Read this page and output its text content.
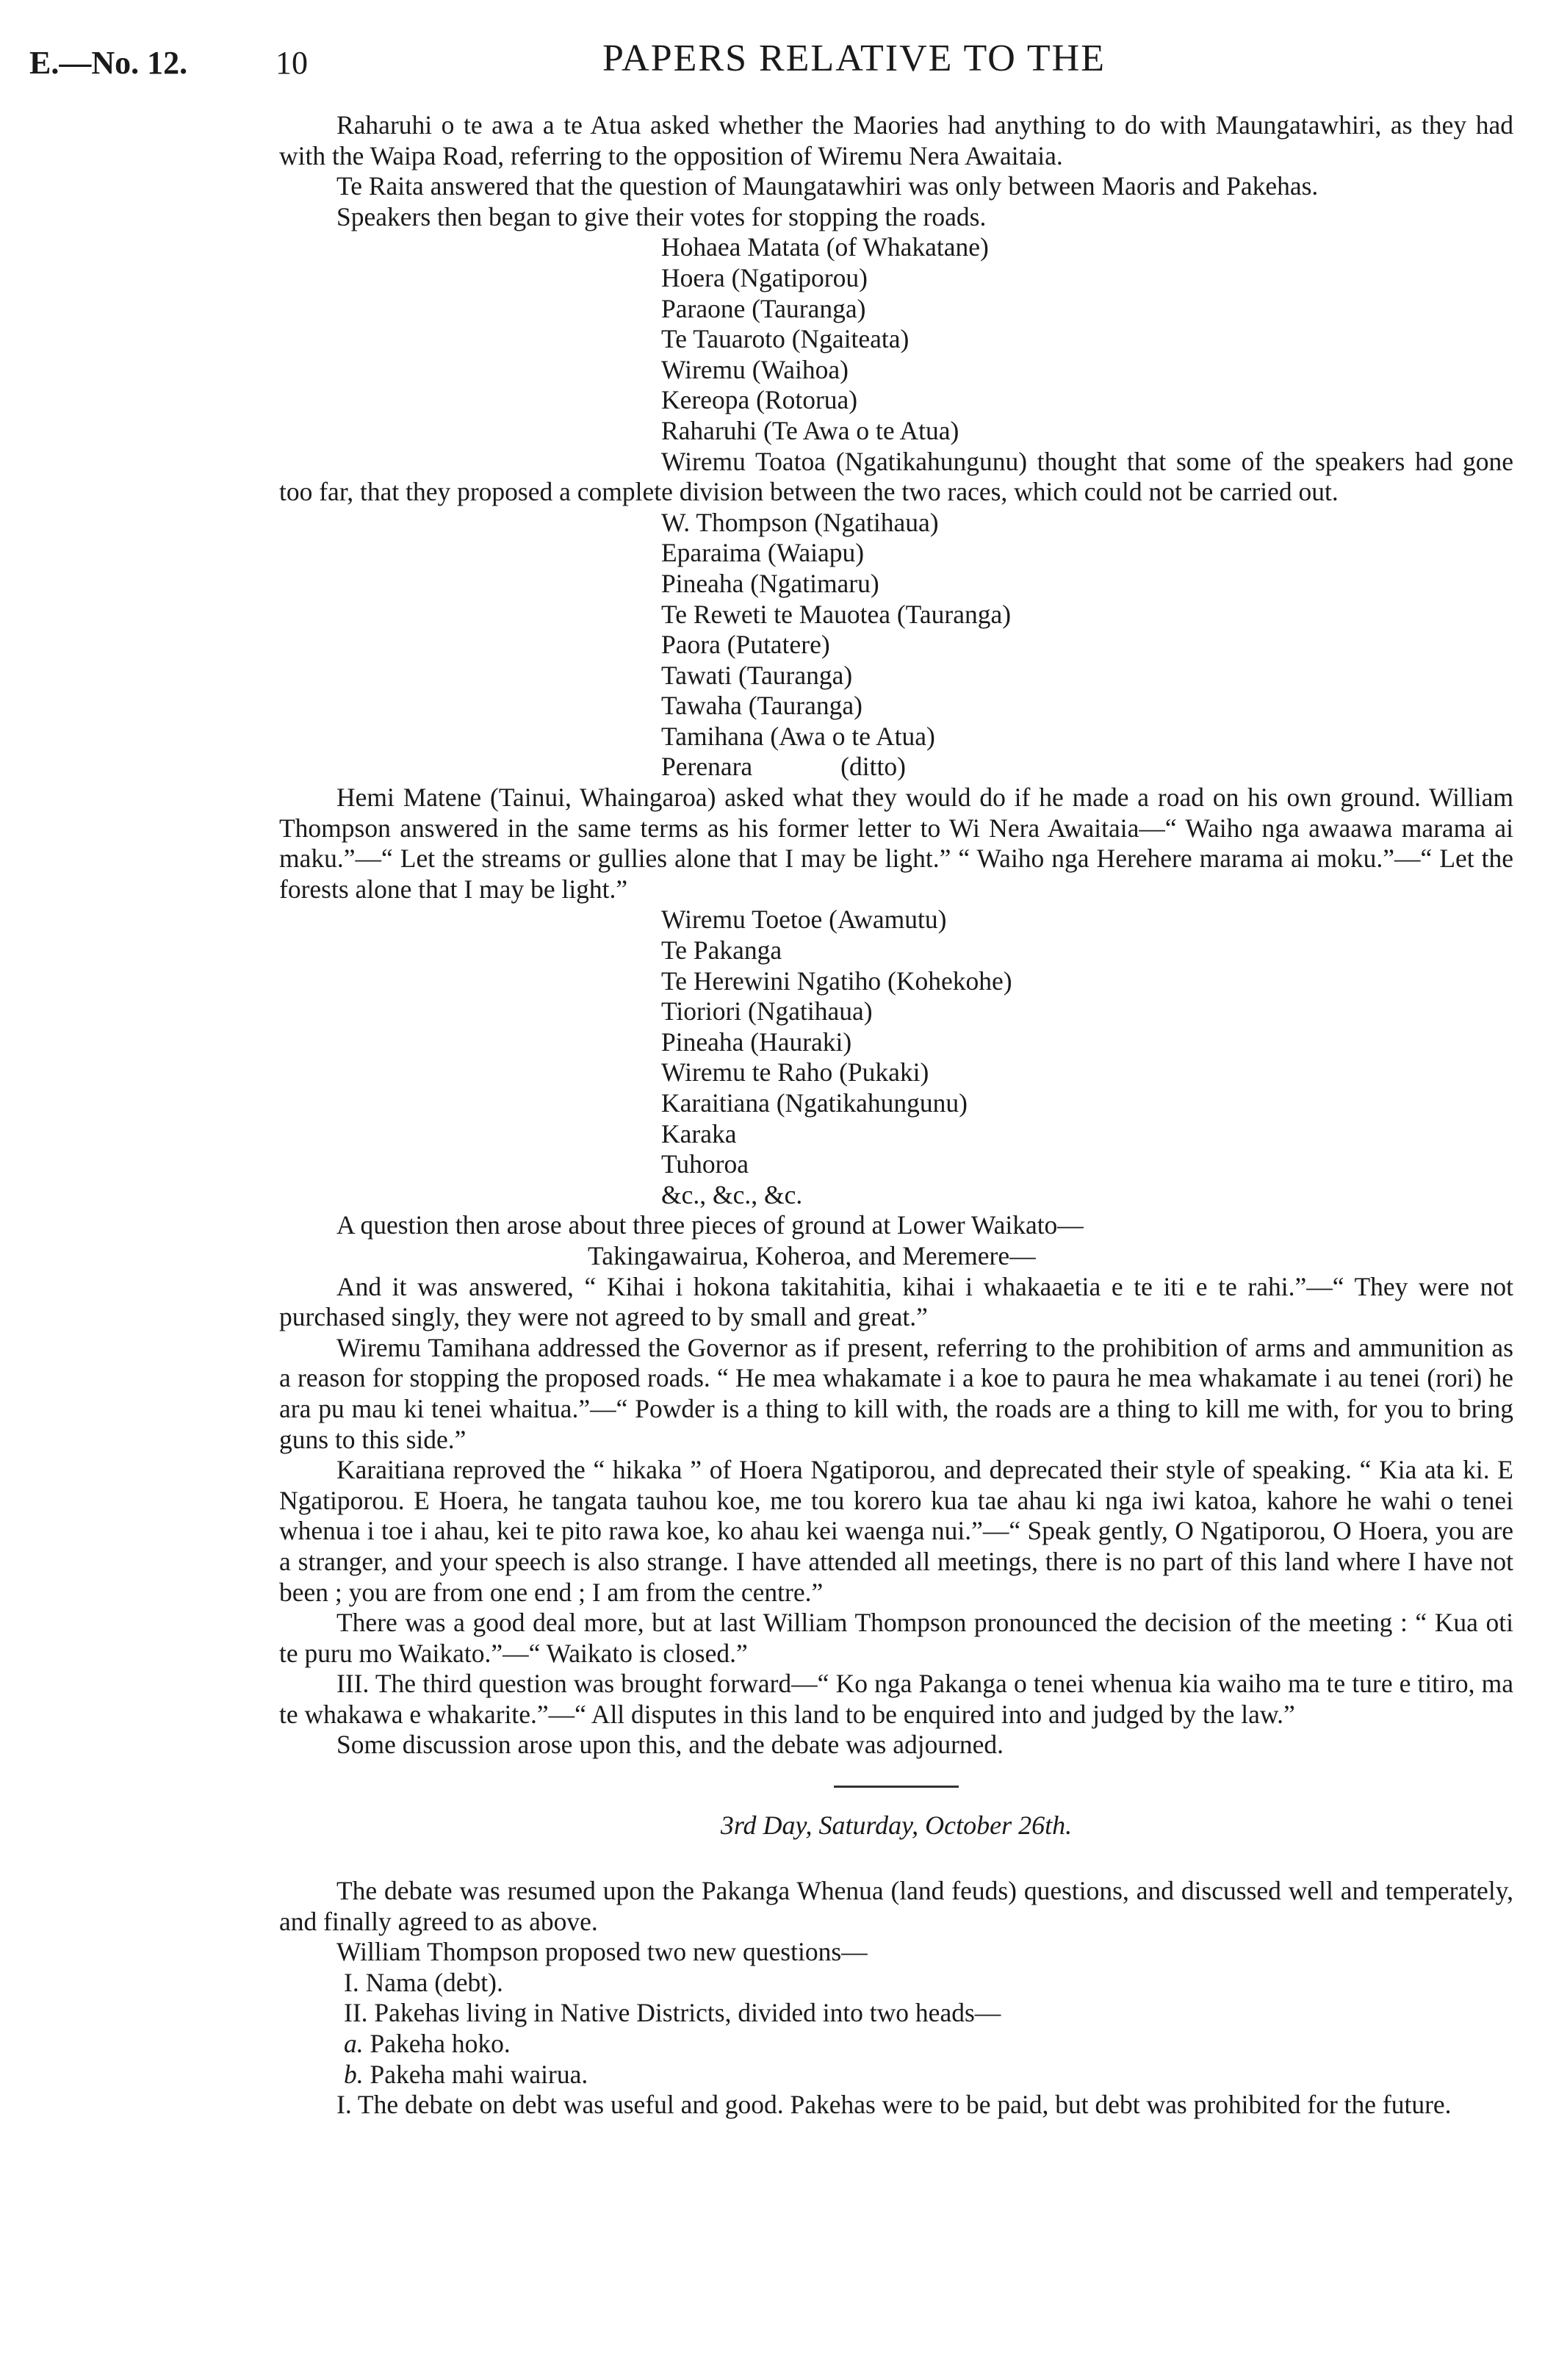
E.—No. 12.	10	PAPERS RELATIVE TO THE

Raharuhi o te awa a te Atua asked whether the Maories had anything to do with Maungatawhiri, as they had with the Waipa Road, referring to the opposition of Wiremu Nera Awaitaia.

Te Raita answered that the question of Maungatawhiri was only between Maoris and Pakehas.

Speakers then began to give their votes for stopping the roads.

Hohaea Matata (of Whakatane)
Hoera (Ngatiporou)
Paraone (Tauranga)
Te Tauaroto (Ngaiteata)
Wiremu (Waihoa)
Kereopa (Rotorua)
Raharuhi (Te Awa o te Atua)

Wiremu Toatoa (Ngatikahungunu) thought that some of the speakers had gone too far, that they proposed a complete division between the two races, which could not be carried out.

W. Thompson (Ngatihaua)
Eparaima (Waiapu)
Pineaha (Ngatimaru)
Te Reweti te Mauotea (Tauranga)
Paora (Putatere)
Tawati (Tauranga)
Tawaha (Tauranga)
Tamihana (Awa o te Atua)
Perenara	(ditto)

Hemi Matene (Tainui, Whaingaroa) asked what they would do if he made a road on his own ground. William Thompson answered in the same terms as his former letter to Wi Nera Awaitaia—“ Waiho nga awaawa marama ai maku.”—“ Let the streams or gullies alone that I may be light.” “ Waiho nga Herehere marama ai moku.”—“ Let the forests alone that I may be light.”

Wiremu Toetoe (Awamutu)
Te Pakanga
Te Herewini Ngatiho (Kohekohe)
Tioriori (Ngatihaua)
Pineaha (Hauraki)
Wiremu te Raho (Pukaki)
Karaitiana (Ngatikahungunu)
Karaka
Tuhoroa
&c., &c., &c.

A question then arose about three pieces of ground at Lower Waikato—

Takingawairua, Koheroa, and Meremere—

And it was answered, “ Kihai i hokona takitahitia, kihai i whakaaetia e te iti e te rahi.”—“ They were not purchased singly, they were not agreed to by small and great.”

Wiremu Tamihana addressed the Governor as if present, referring to the prohibition of arms and ammunition as a reason for stopping the proposed roads. “ He mea whakamate i a koe to paura he mea whakamate i au tenei (rori) he ara pu mau ki tenei whaitua.”—“ Powder is a thing to kill with, the roads are a thing to kill me with, for you to bring guns to this side.”

Karaitiana reproved the “ hikaka ” of Hoera Ngatiporou, and deprecated their style of speaking. “ Kia ata ki. E Ngatiporou. E Hoera, he tangata tauhou koe, me tou korero kua tae ahau ki nga iwi katoa, kahore he wahi o tenei whenua i toe i ahau, kei te pito rawa koe, ko ahau kei waenga nui.”—“ Speak gently, O Ngatiporou, O Hoera, you are a stranger, and your speech is also strange. I have attended all meetings, there is no part of this land where I have not been ; you are from one end ; I am from the centre.”

There was a good deal more, but at last William Thompson pronounced the decision of the meeting : “ Kua oti te puru mo Waikato.”—“ Waikato is closed.”

III. The third question was brought forward—“ Ko nga Pakanga o tenei whenua kia waiho ma te ture e titiro, ma te whakawa e whakarite.”—“ All disputes in this land to be enquired into and judged by the law.”

Some discussion arose upon this, and the debate was adjourned.

3rd Day, Saturday, October 26th.

The debate was resumed upon the Pakanga Whenua (land feuds) questions, and discussed well and temperately, and finally agreed to as above.

William Thompson proposed two new questions—

I. Nama (debt).
II. Pakehas living in Native Districts, divided into two heads—
a. Pakeha hoko.
b. Pakeha mahi wairua.

I. The debate on debt was useful and good. Pakehas were to be paid, but debt was prohibited for the future.
